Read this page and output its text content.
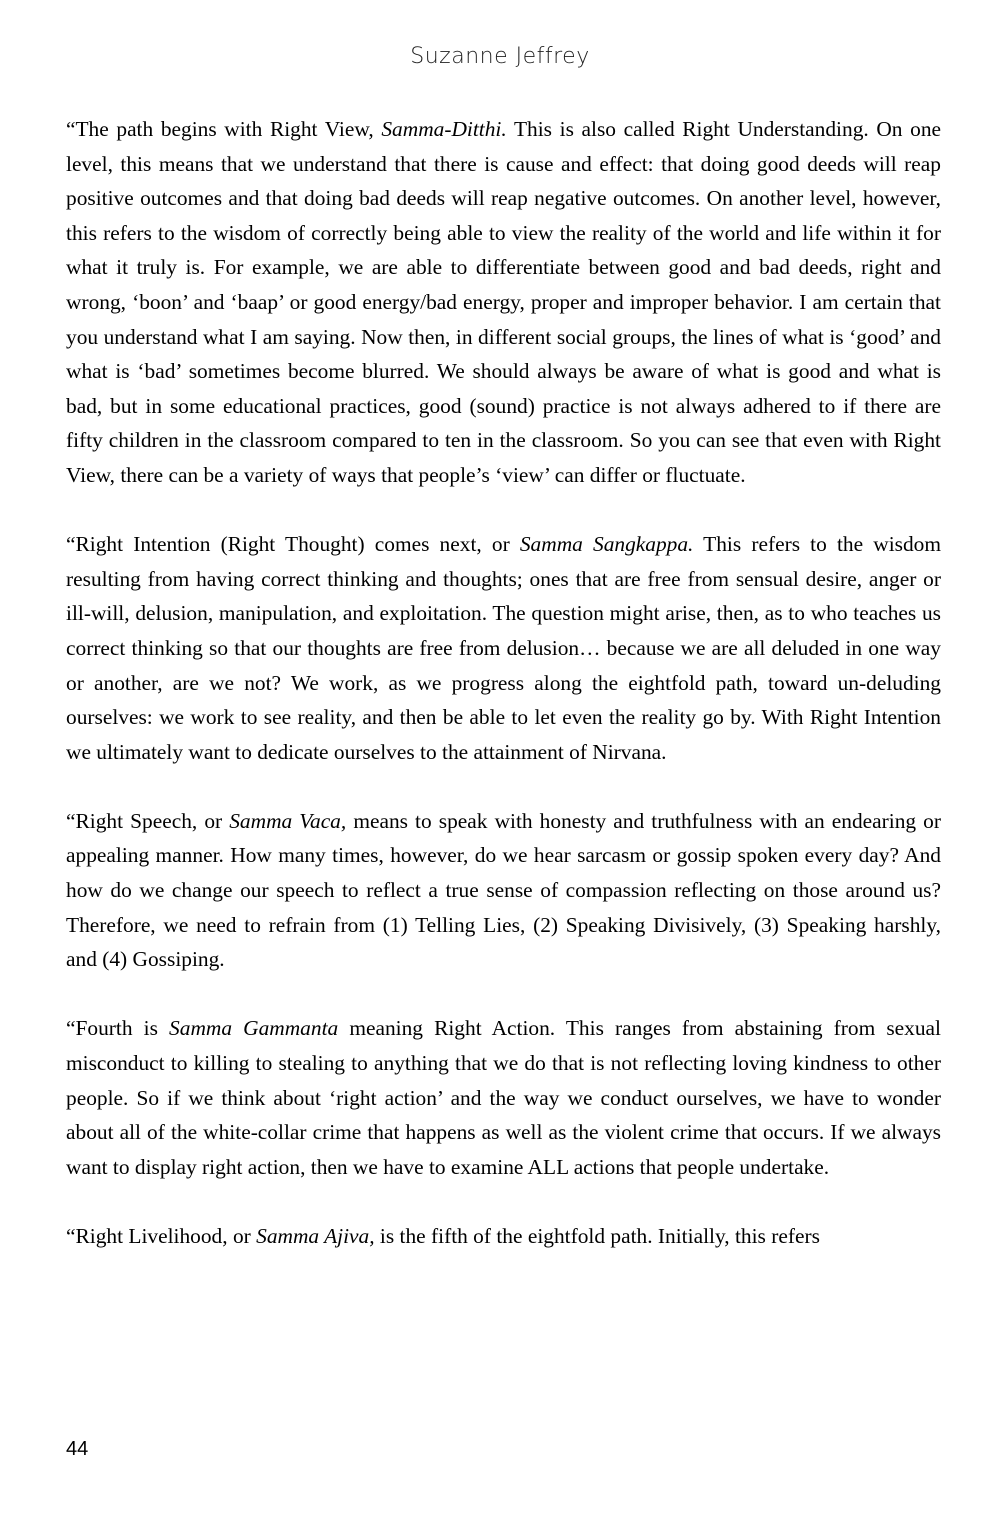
Suzanne Jeffrey

“The path begins with Right View, Samma-Ditthi. This is also called Right Understanding. On one level, this means that we understand that there is cause and effect: that doing good deeds will reap positive outcomes and that doing bad deeds will reap negative outcomes. On another level, however, this refers to the wisdom of correctly being able to view the reality of the world and life within it for what it truly is. For example, we are able to differentiate between good and bad deeds, right and wrong, ‘boon’ and ‘baap’ or good energy/bad energy, proper and improper behavior. I am certain that you understand what I am saying. Now then, in different social groups, the lines of what is ‘good’ and what is ‘bad’ sometimes become blurred. We should always be aware of what is good and what is bad, but in some educational practices, good (sound) practice is not always adhered to if there are fifty children in the classroom compared to ten in the classroom. So you can see that even with Right View, there can be a variety of ways that people’s ‘view’ can differ or fluctuate.

“Right Intention (Right Thought) comes next, or Samma Sangkappa. This refers to the wisdom resulting from having correct thinking and thoughts; ones that are free from sensual desire, anger or ill-will, delusion, manipulation, and exploitation. The question might arise, then, as to who teaches us correct thinking so that our thoughts are free from delusion… because we are all deluded in one way or another, are we not? We work, as we progress along the eightfold path, toward un-deluding ourselves: we work to see reality, and then be able to let even the reality go by. With Right Intention we ultimately want to dedicate ourselves to the attainment of Nirvana.

“Right Speech, or Samma Vaca, means to speak with honesty and truthfulness with an endearing or appealing manner. How many times, however, do we hear sarcasm or gossip spoken every day? And how do we change our speech to reflect a true sense of compassion reflecting on those around us? Therefore, we need to refrain from (1) Telling Lies, (2) Speaking Divisively, (3) Speaking harshly, and (4) Gossiping.

“Fourth is Samma Gammanta meaning Right Action. This ranges from abstaining from sexual misconduct to killing to stealing to anything that we do that is not reflecting loving kindness to other people. So if we think about ‘right action’ and the way we conduct ourselves, we have to wonder about all of the white-collar crime that happens as well as the violent crime that occurs. If we always want to display right action, then we have to examine ALL actions that people undertake.

“Right Livelihood, or Samma Ajiva, is the fifth of the eightfold path. Initially, this refers

44
